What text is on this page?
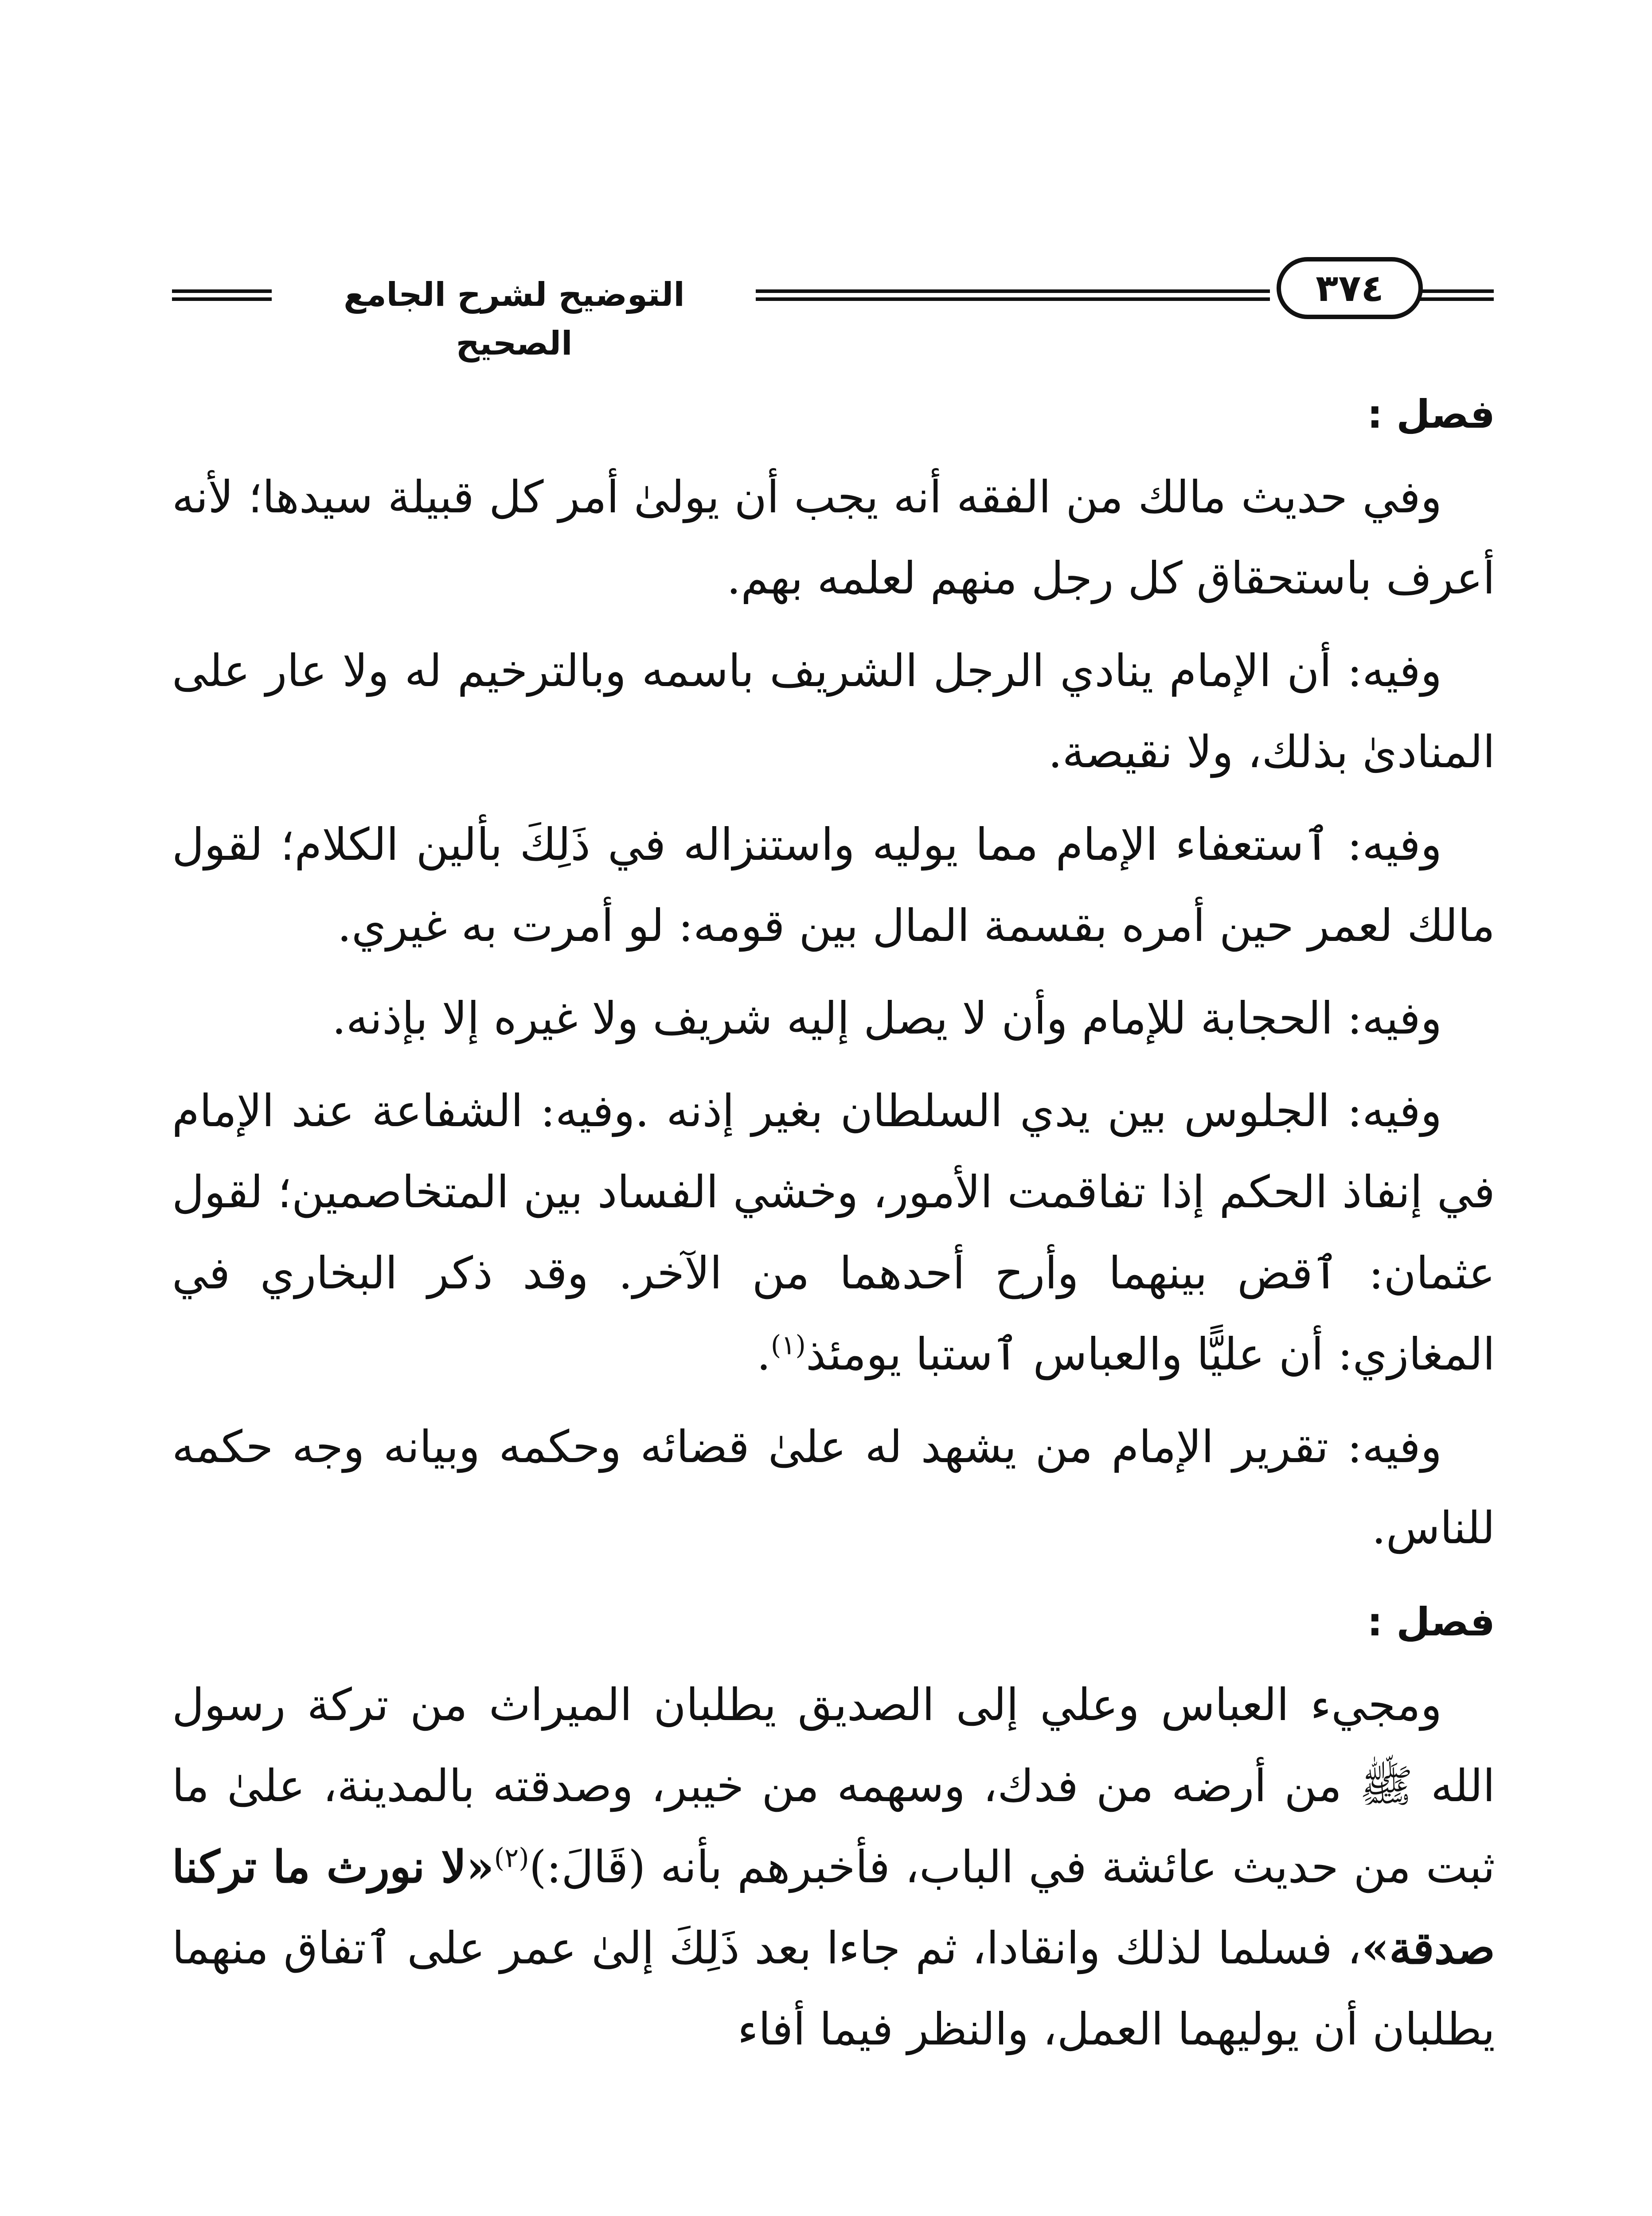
التوضيح لشرح الجامع الصحيح
٣٧٤

فصل :

وفي حديث مالك من الفقه أنه يجب أن يولىٰ أمر كل قبيلة سيدها؛ لأنه أعرف باستحقاق كل رجل منهم لعلمه بهم.

وفيه: أن الإمام ينادي الرجل الشريف باسمه وبالترخيم له ولا عار على المنادىٰ بذلك، ولا نقيصة.

وفيه: ٱستعفاء الإمام مما يوليه واستنزاله في ذَلِكَ بألين الكلام؛ لقول مالك لعمر حين أمره بقسمة المال بين قومه: لو أمرت به غيري.

وفيه: الحجابة للإمام وأن لا يصل إليه شريف ولا غيره إلا بإذنه.

وفيه: الجلوس بين يدي السلطان بغير إذنه .وفيه: الشفاعة عند الإمام في إنفاذ الحكم إذا تفاقمت الأمور، وخشي الفساد بين المتخاصمين؛ لقول عثمان: ٱقض بينهما وأرح أحدهما من الآخر. وقد ذكر البخاري في المغازي: أن عليًّا والعباس ٱستبا يومئذ$^{(١)}$.

وفيه: تقرير الإمام من يشهد له علىٰ قضائه وحكمه وبيانه وجه حكمه للناس.

فصل :

ومجيء العباس وعلي إلى الصديق يطلبان الميراث من تركة رسول الله ﷺ من أرضه من فدك، وسهمه من خيبر، وصدقته بالمدينة، علىٰ ما ثبت من حديث عائشة في الباب، فأخبرهم بأنه (قَالَ:)$^{(٢)}$«لا نورث ما تركنا صدقة»، فسلما لذلك وانقادا، ثم جاءا بعد ذَلِكَ إلىٰ عمر على ٱتفاق منهما يطلبان أن يوليهما العمل، والنظر فيما أفاء
